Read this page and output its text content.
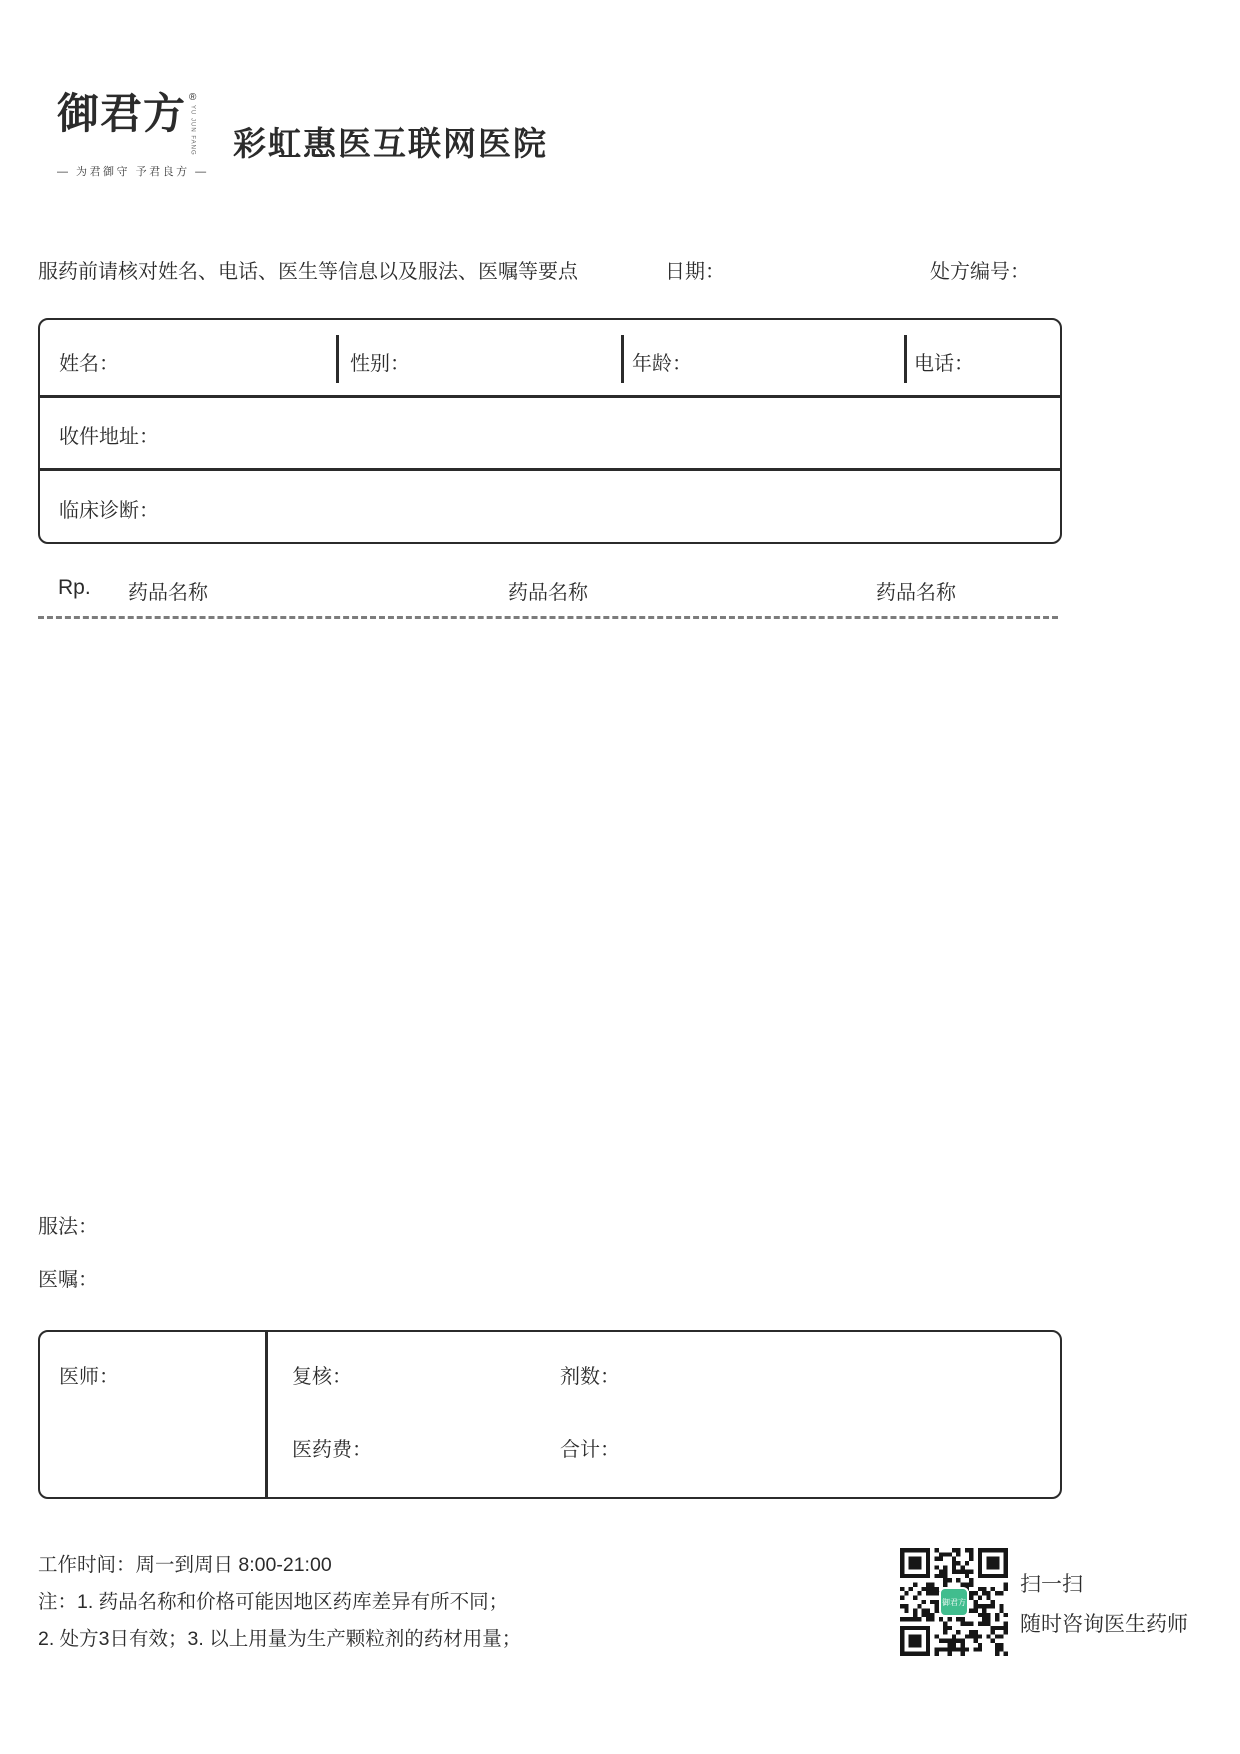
御君方 ®
YU JUN FANG
— 为君御守 予君良方 —
彩虹惠医互联网医院
服药前请核对姓名、电话、医生等信息以及服法、医嘱等要点	日期：	处方编号：
姓名：	性别：	年龄：	电话：
收件地址：
临床诊断：
Rp. 药品名称	药品名称	药品名称
服法：
医嘱：
医师：	复核：	剂数：
医药费：	合计：
工作时间：周一到周日 8:00-21:00
注：1. 药品名称和价格可能因地区药库差异有所不同；
2. 处方3日有效；3. 以上用量为生产颗粒剂的药材用量；
御君方
扫一扫
随时咨询医生药师
